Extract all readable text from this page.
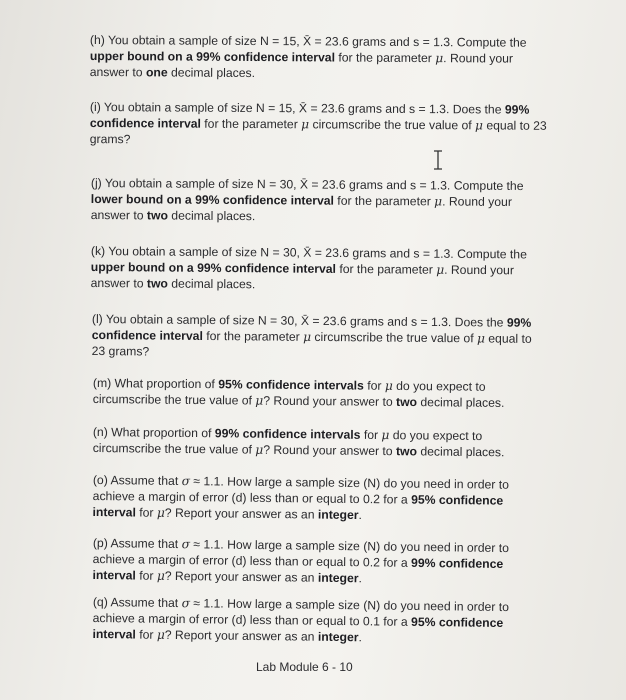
(h) You obtain a sample of size N = 15, X̄ = 23.6 grams and s = 1.3. Compute the upper bound on a 99% confidence interval for the parameter μ. Round your answer to one decimal places.
(i) You obtain a sample of size N = 15, X̄ = 23.6 grams and s = 1.3. Does the 99% confidence interval for the parameter μ circumscribe the true value of μ equal to 23 grams?
(j) You obtain a sample of size N = 30, X̄ = 23.6 grams and s = 1.3. Compute the lower bound on a 99% confidence interval for the parameter μ. Round your answer to two decimal places.
(k) You obtain a sample of size N = 30, X̄ = 23.6 grams and s = 1.3. Compute the upper bound on a 99% confidence interval for the parameter μ. Round your answer to two decimal places.
(l) You obtain a sample of size N = 30, X̄ = 23.6 grams and s = 1.3. Does the 99% confidence interval for the parameter μ circumscribe the true value of μ equal to 23 grams?
(m) What proportion of 95% confidence intervals for μ do you expect to circumscribe the true value of μ? Round your answer to two decimal places.
(n) What proportion of 99% confidence intervals for μ do you expect to circumscribe the true value of μ? Round your answer to two decimal places.
(o) Assume that σ ≈ 1.1. How large a sample size (N) do you need in order to achieve a margin of error (d) less than or equal to 0.2 for a 95% confidence interval for μ? Report your answer as an integer.
(p) Assume that σ ≈ 1.1. How large a sample size (N) do you need in order to achieve a margin of error (d) less than or equal to 0.2 for a 99% confidence interval for μ? Report your answer as an integer.
(q) Assume that σ ≈ 1.1. How large a sample size (N) do you need in order to achieve a margin of error (d) less than or equal to 0.1 for a 95% confidence interval for μ? Report your answer as an integer.
Lab Module 6 - 10
